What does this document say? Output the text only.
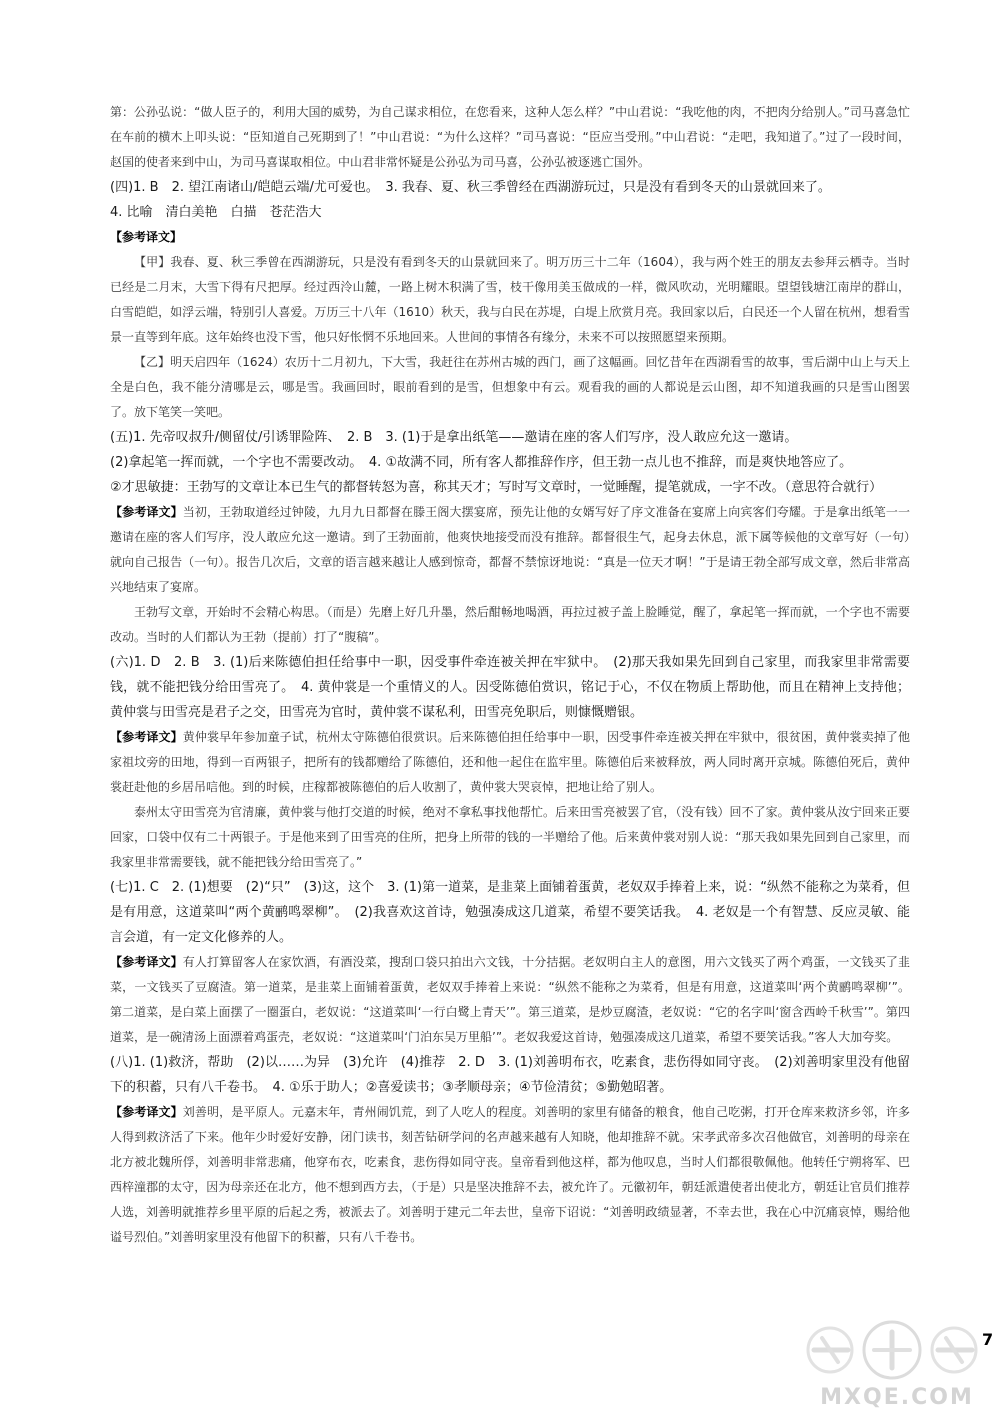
第：公孙弘说：“做人臣子的，利用大国的威势，为自己谋求相位，在您看来，这种人怎么样？”中山君说：“我吃他的肉，不把肉分给别人。”司马喜急忙在车前的横木上叩头说：“臣知道自己死期到了！”中山君说：“为什么这样？”司马喜说：“臣应当受刑。”中山君说：“走吧，我知道了。”过了一段时间，赵国的使者来到中山，为司马喜谋取相位。中山君非常怀疑是公孙弘为司马喜，公孙弘被逐逃亡国外。

(四)1. B　2. 望江南诸山/皑皑云端/尤可爱也。　3. 我春、夏、秋三季曾经在西湖游玩过，只是没有看到冬天的山景就回来了。

4. 比喻　清白美艳　白描　苍茫浩大

【参考译文】

【甲】我春、夏、秋三季曾在西湖游玩，只是没有看到冬天的山景就回来了。明万历三十二年（1604），我与两个姓王的朋友去参拜云栖寺。当时已经是二月末，大雪下得有尺把厚。经过西泠山麓，一路上树木积满了雪，枝干像用美玉做成的一样，微风吹动，光明耀眼。望望钱塘江南岸的群山，白雪皑皑，如浮云端，特别引人喜爱。万历三十八年（1610）秋天，我与白民在苏堤，白堤上欣赏月亮。我回家以后，白民还一个人留在杭州，想看雪景一直等到年底。这年始终也没下雪，他只好怅惘不乐地回来。人世间的事情各有缘分，未来不可以按照愿望来预期。

【乙】明天启四年（1624）农历十二月初九，下大雪，我赶往在苏州古城的西门，画了这幅画。回忆昔年在西湖看雪的故事，雪后湖中山上与天上全是白色，我不能分清哪是云，哪是雪。我画回时，眼前看到的是雪，但想象中有云。观看我的画的人都说是云山图，却不知道我画的只是雪山图罢了。放下笔笑一笑吧。

(五)1. 先帝叹叔升/侧留仗/引诱罪险阵、　2. B　3. (1)于是拿出纸笔——邀请在座的客人们写序，没人敢应允这一邀请。

(2)拿起笔一挥而就，一个字也不需要改动。　4. ①故满不同，所有客人都推辞作序，但王勃一点儿也不推辞，而是爽快地答应了。

②才思敏捷：王勃写的文章让本已生气的都督转怒为喜，称其天才；写时写文章时，一觉睡醒，提笔就成，一字不改。（意思符合就行）

【参考译文】当初，王勃取道经过钟陵，九月九日都督在滕王阁大摆宴席，预先让他的女婿写好了序文准备在宴席上向宾客们夸耀。于是拿出纸笔一一邀请在座的客人们写序，没人敢应允这一邀请。到了王勃面前，他爽快地接受而没有推辞。都督很生气，起身去休息，派下属等候他的文章写好（一句）就向自己报告（一句）。报告几次后，文章的语言越来越让人感到惊奇，都督不禁惊讶地说：“真是一位天才啊！”于是请王勃全部写成文章，然后非常高兴地结束了宴席。

王勃写文章，开始时不会精心构思。（而是）先磨上好几升墨，然后酣畅地喝酒，再拉过被子盖上脸睡觉，醒了，拿起笔一挥而就，一个字也不需要改动。当时的人们都认为王勃（提前）打了“腹稿”。

(六)1. D　2. B　3. (1)后来陈德伯担任给事中一职，因受事件牵连被关押在牢狱中。　(2)那天我如果先回到自己家里，而我家里非常需要钱，就不能把钱分给田雪亮了。　4. 黄仲裳是一个重情义的人。因受陈德伯赏识，铭记于心，不仅在物质上帮助他，而且在精神上支持他；黄仲裳与田雪亮是君子之交，田雪亮为官时，黄仲裳不谋私利，田雪亮免职后，则慷慨赠银。

【参考译文】黄仲裳早年参加童子试，杭州太守陈德伯很赏识。后来陈德伯担任给事中一职，因受事件牵连被关押在牢狱中，很贫困，黄仲裳卖掉了他家祖坟旁的田地，得到一百两银子，把所有的钱都赠给了陈德伯，还和他一起住在监牢里。陈德伯后来被释放，两人同时离开京城。陈德伯死后，黄仲裳赶赴他的乡居吊唁他。到的时候，庄稼都被陈德伯的后人收割了，黄仲裳大哭哀悼，把地让给了别人。

泰州太守田雪亮为官清廉，黄仲裳与他打交道的时候，绝对不拿私事找他帮忙。后来田雪亮被罢了官，（没有钱）回不了家。黄仲裳从汝宁回来正要回家，口袋中仅有二十两银子。于是他来到了田雪亮的住所，把身上所带的钱的一半赠给了他。后来黄仲裳对别人说：“那天我如果先回到自己家里，而我家里非常需要钱，就不能把钱分给田雪亮了。”

(七)1. C　2. (1)想要　(2)“只”　(3)这，这个　3. (1)第一道菜，是韭菜上面铺着蛋黄，老奴双手捧着上来，说：“纵然不能称之为菜肴，但是有用意，这道菜叫“两个黄鹂鸣翠柳”。　(2)我喜欢这首诗，勉强凑成这几道菜，希望不要笑话我。　4. 老奴是一个有智慧、反应灵敏、能言会道，有一定文化修养的人。

【参考译文】有人打算留客人在家饮酒，有酒没菜，搜刮口袋只拍出六文钱，十分拮据。老奴明白主人的意图，用六文钱买了两个鸡蛋，一文钱买了韭菜，一文钱买了豆腐渣。第一道菜，是韭菜上面铺着蛋黄，老奴双手捧着上来说：“纵然不能称之为菜肴，但是有用意，这道菜叫‘两个黄鹂鸣翠柳’”。第二道菜，是白菜上面摆了一圈蛋白，老奴说：“这道菜叫‘一行白鹭上青天’”。第三道菜，是炒豆腐渣，老奴说：“它的名字叫‘窗含西岭千秋雪’”。第四道菜，是一碗清汤上面漂着鸡蛋壳，老奴说：“这道菜叫‘门泊东吴万里船’”。老奴我爱这首诗，勉强凑成这几道菜，希望不要笑话我。”客人大加夸奖。

(八)1. (1)救济，帮助　(2)以……为异　(3)允许　(4)推荐　2. D　3. (1)刘善明布衣，吃素食，悲伤得如同守丧。　(2)刘善明家里没有他留下的积蓄，只有八千卷书。　4. ①乐于助人；②喜爱读书；③孝顺母亲；④节俭清贫；⑤勤勉昭著。

【参考译文】刘善明，是平原人。元嘉末年，青州闹饥荒，到了人吃人的程度。刘善明的家里有储备的粮食，他自己吃粥，打开仓库来救济乡邻，许多人得到救济活了下来。他年少时爱好安静，闭门读书，刻苦钻研学问的名声越来越有人知晓，他却推辞不就。宋孝武帝多次召他做官，刘善明的母亲在北方被北魏所俘，刘善明非常悲痛，他穿布衣，吃素食，悲伤得如同守丧。皇帝看到他这样，都为他叹息，当时人们都很敬佩他。他转任宁朔将军、巴西梓潼郡的太守，因为母亲还在北方，他不想到西方去，（于是）只是坚决推辞不去，被允许了。元徽初年，朝廷派遣使者出使北方，朝廷让官员们推荐人选，刘善明就推荐乡里平原的后起之秀，被派去了。刘善明于建元二年去世，皇帝下诏说：“刘善明政绩显著，不幸去世，我在心中沉痛哀悼，赐给他谥号烈伯。”刘善明家里没有他留下的积蓄，只有八千卷书。

7
MXQE.COM
